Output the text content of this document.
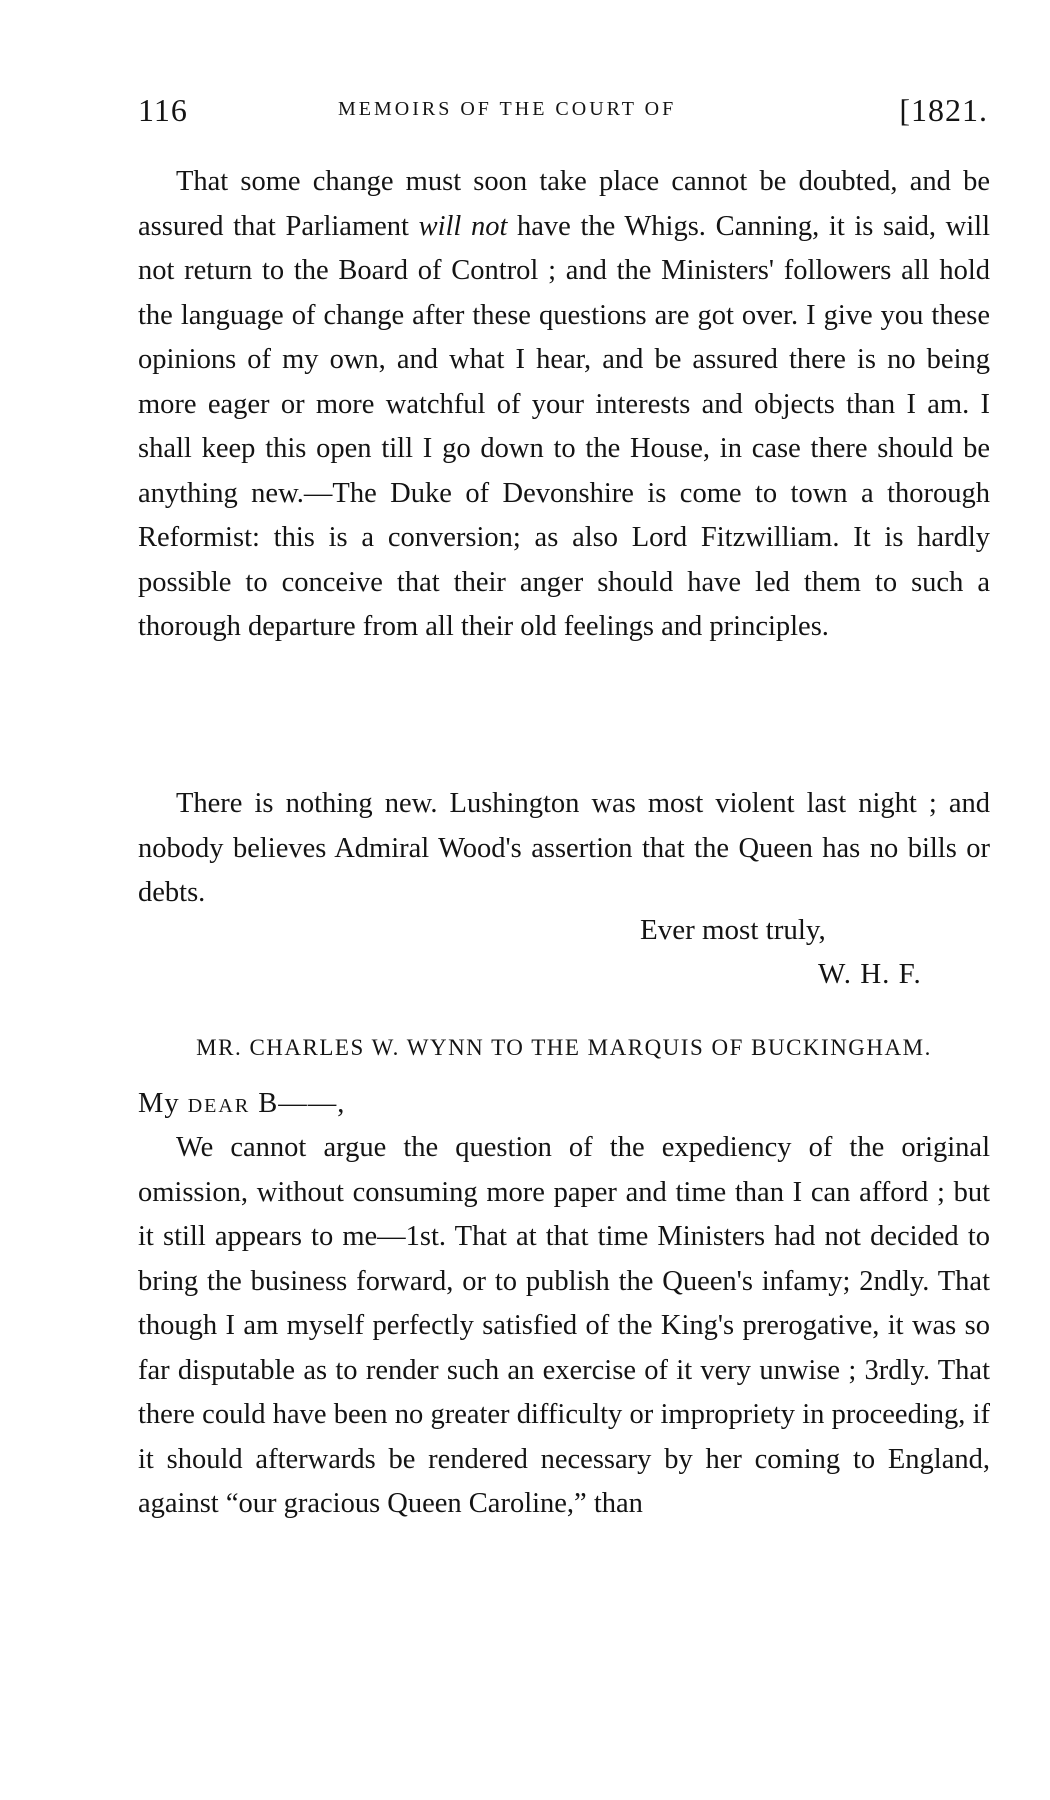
116	MEMOIRS OF THE COURT OF	[1821.

That some change must soon take place cannot be doubted, and be assured that Parliament will not have the Whigs. Canning, it is said, will not return to the Board of Control ; and the Ministers' followers all hold the language of change after these questions are got over. I give you these opinions of my own, and what I hear, and be assured there is no being more eager or more watchful of your interests and objects than I am. I shall keep this open till I go down to the House, in case there should be anything new.—The Duke of Devonshire is come to town a thorough Reformist: this is a conversion; as also Lord Fitzwilliam. It is hardly possible to conceive that their anger should have led them to such a thorough departure from all their old feelings and principles.

There is nothing new. Lushington was most violent last night ; and nobody believes Admiral Wood's assertion that the Queen has no bills or debts.

Ever most truly,
W. H. F.
MR. CHARLES W. WYNN TO THE MARQUIS OF BUCKINGHAM.
My DEAR B——,

We cannot argue the question of the expediency of the original omission, without consuming more paper and time than I can afford ; but it still appears to me—1st. That at that time Ministers had not decided to bring the business forward, or to publish the Queen's infamy; 2ndly. That though I am myself perfectly satisfied of the King's prerogative, it was so far disputable as to render such an exercise of it very unwise ; 3rdly. That there could have been no greater difficulty or impropriety in proceeding, if it should afterwards be rendered necessary by her coming to England, against “our gracious Queen Caroline,” than
